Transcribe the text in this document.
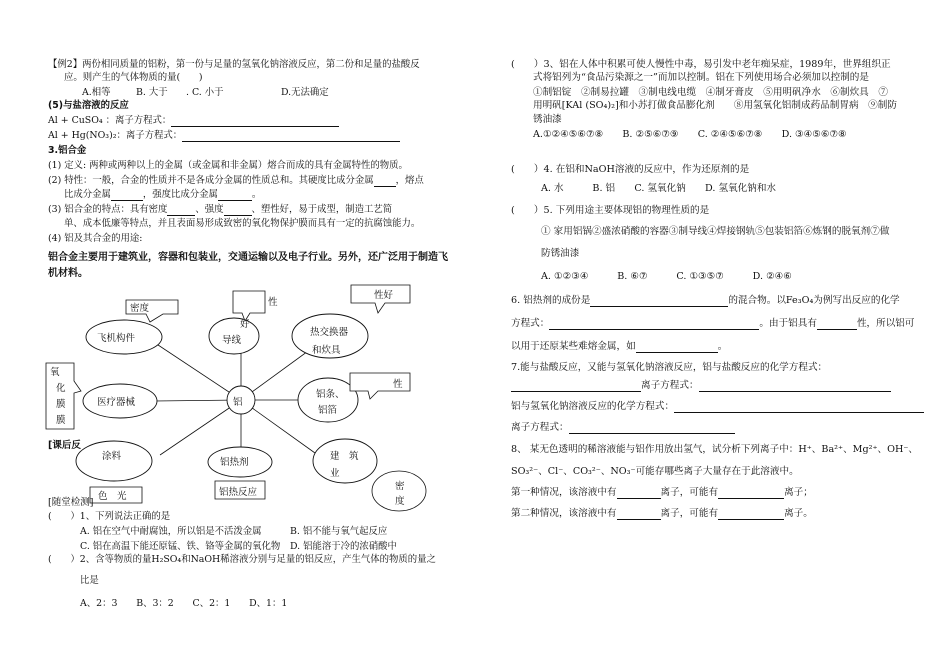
【例2】两份相同质量的铝粉，第一份与足量的氢氧化钠溶液反应，第二份和足量的盐酸反
应。则产生的气体物质的量(　　)
A.相等	B. 大于 . C. 小于	D.无法确定
(5)与盐溶液的反应
Al + CuSO₄ ：离子方程式：
Al + Hg(NO₃)₂：离子方程式：
3.铝合金
(1) 定义: 两种或两种以上的金属（或金属和非金属）熔合而成的具有金属特性的物质。
(2) 特性：一般，合金的性质并不是各成分金属的性质总和。其硬度比成分金属 ，熔点
比成分金属	，强度比成分金属	。
(3) 铝合金的特点：具有密度	、强度	、塑性好，易于成型，制造工艺简
单、成本低廉等特点，并且表面易形成致密的氧化物保护膜而具有一定的抗腐蚀能力。
(4) 铝及其合金的用途:
铝合金主要用于建筑业，容器和包装业，交通运输以及电子行业。另外，还广泛用于制造飞
机材料。
铝
飞机构件
密度
导线
好
性
热交换器
和炊具
性好
氧
化
膜
膜
医疗器械
铝条、
铝箔
性
涂料
色　光
铝热剂
铝热反应
建　筑
业
密
度
[课后反
[随堂检测]
(　　）1、下列说法正确的是
A. 铝在空气中耐腐蚀，所以铝是不活泼金属	B. 铝不能与氧气起反应
C. 铝在高温下能还原锰、铁、铬等金属的氧化物 D. 铝能溶于冷的浓硝酸中
(　　）2、含等物质的量H₂SO₄和NaOH稀溶液分别与足量的铝反应，产生气体的物质的量之
比是
A、2：3　　B、3：2　　C、2：1　　D、1：1
(　　）3、铝在人体中积累可使人慢性中毒，易引发中老年痴呆症，1989年，世界组织正
式将铝列为“食品污染源之一”而加以控制。铝在下列使用场合必须加以控制的是
①制铝锭　②制易拉罐　③制电线电缆　④制牙膏皮　⑤用明矾净水　⑥制炊具　⑦
用明矾[KAl (SO₄)₂]和小苏打做食品膨化剂　　⑧用氢氧化铝制成药品制胃病　⑨制防
锈油漆
A.①②④⑤⑥⑦⑧　　B. ②⑤⑥⑦⑨　　C. ②④⑤⑥⑦⑧　　D. ③④⑤⑥⑦⑧
(　　）4. 在铝和NaOH溶液的反应中，作为还原剂的是
A. 水　　　B. 铝　　C. 氢氧化钠　　D. 氢氧化钠和水
(　　）5. 下列用途主要体现铝的物理性质的是
① 家用铝锅②盛浓硝酸的容器③制导线④焊接钢轨⑤包装铝箔⑥炼钢的脱氧剂⑦做
防锈油漆
A. ①②③④　　　B. ⑥⑦　　　C. ①③⑤⑦　　　D. ②④⑥
6. 铝热剂的成份是	的混合物。以Fe₃O₄为例写出反应的化学
方程式：	。由于铝具有	性，所以铝可
以用于还原某些难熔金属，如	。
7.能与盐酸反应，又能与氢氧化钠溶液反应，铝与盐酸反应的化学方程式：
离子方程式：
铝与氢氧化钠溶液反应的化学方程式：
离子方程式：
8、 某无色透明的稀溶液能与铝作用放出氢气，试分析下列离子中：H⁺、Ba²⁺、Mg²⁺、OH⁻、
SO₃²⁻、Cl⁻、CO₃²⁻、NO₃⁻可能存哪些离子大量存在于此溶液中。
第一种情况，该溶液中有	离子，可能有	离子；
第二种情况，该溶液中有	离子，可能有	离子。
